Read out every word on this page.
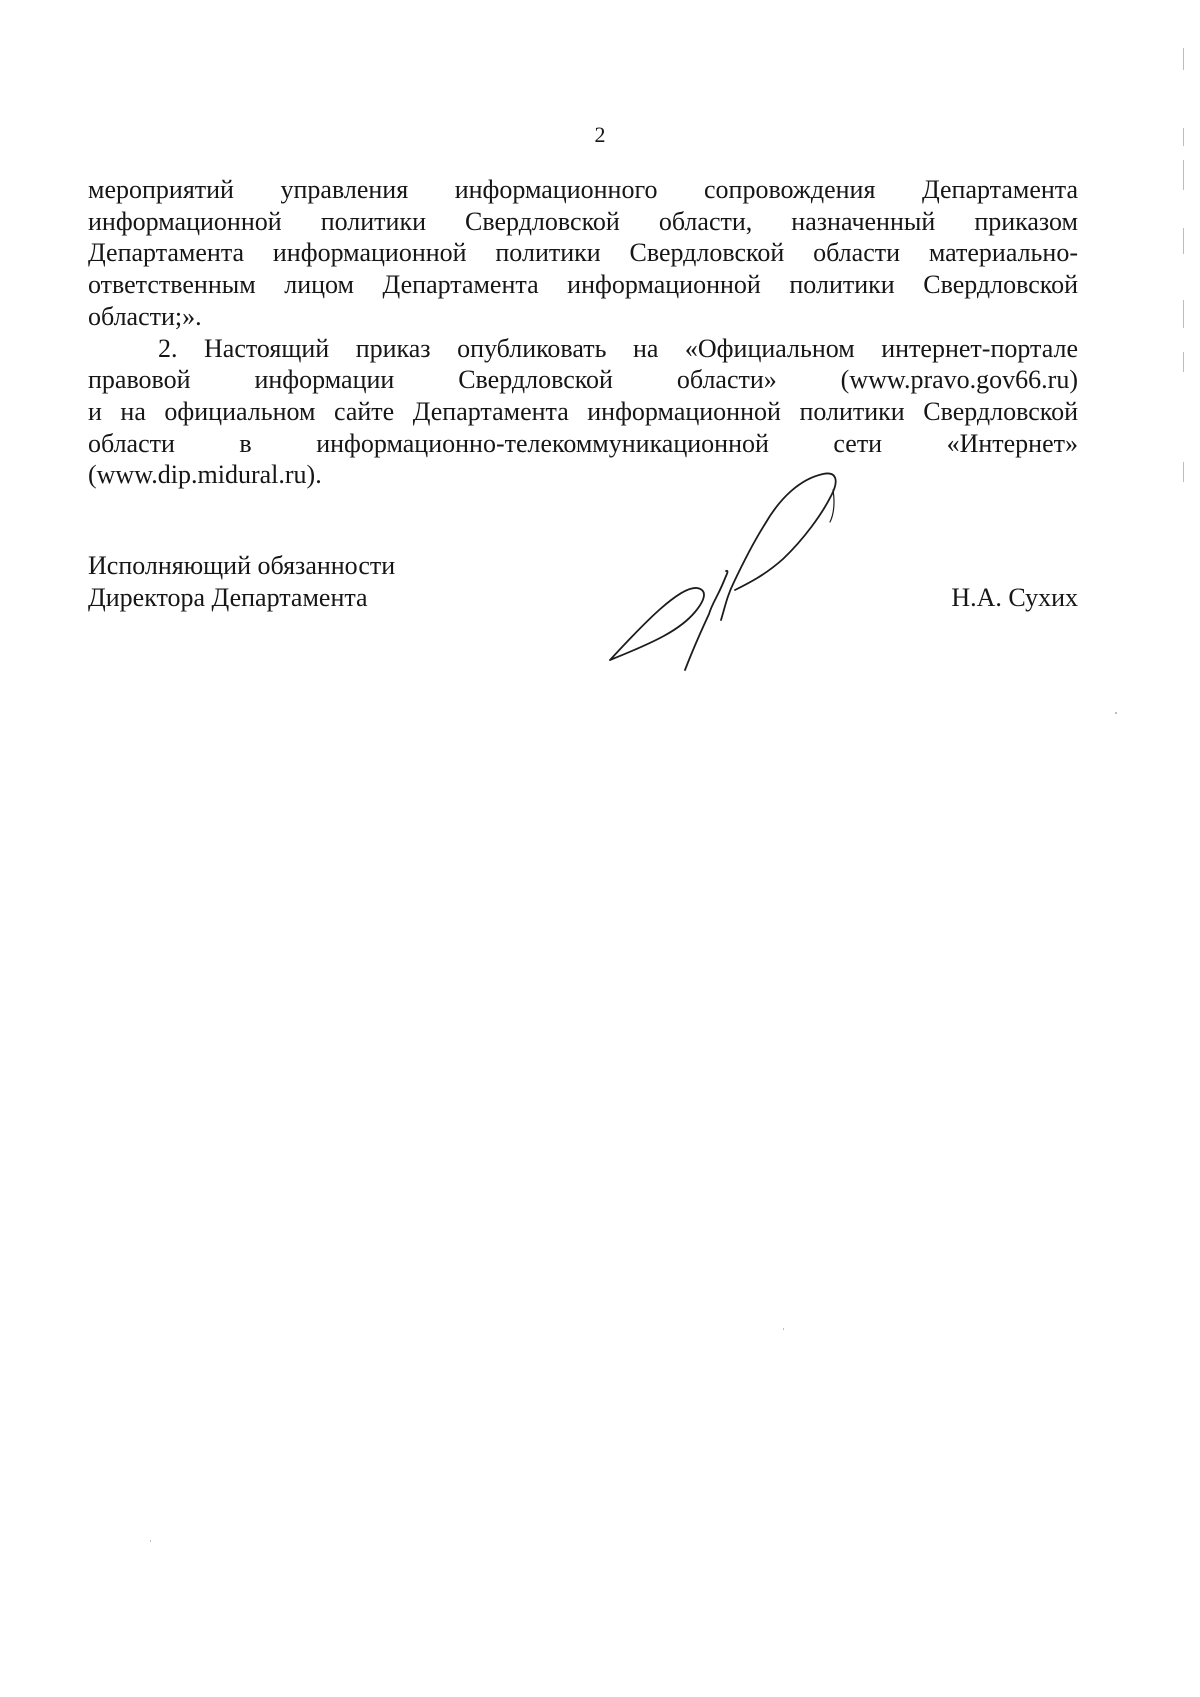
2
мероприятий управления информационного сопровождения Департамента
информационной политики Свердловской области, назначенный приказом
Департамента информационной политики Свердловской области материально-
ответственным лицом Департамента информационной политики Свердловской
области;».
2. Настоящий приказ опубликовать на «Официальном интернет-портале
правовой информации Свердловской области» (www.pravo.gov66.ru)
и на официальном сайте Департамента информационной политики Свердловской
области в информационно-телекоммуникационной сети «Интернет»
(www.dip.midural.ru).
Исполняющий обязанности
Директора Департамента	Н.А. Сухих
